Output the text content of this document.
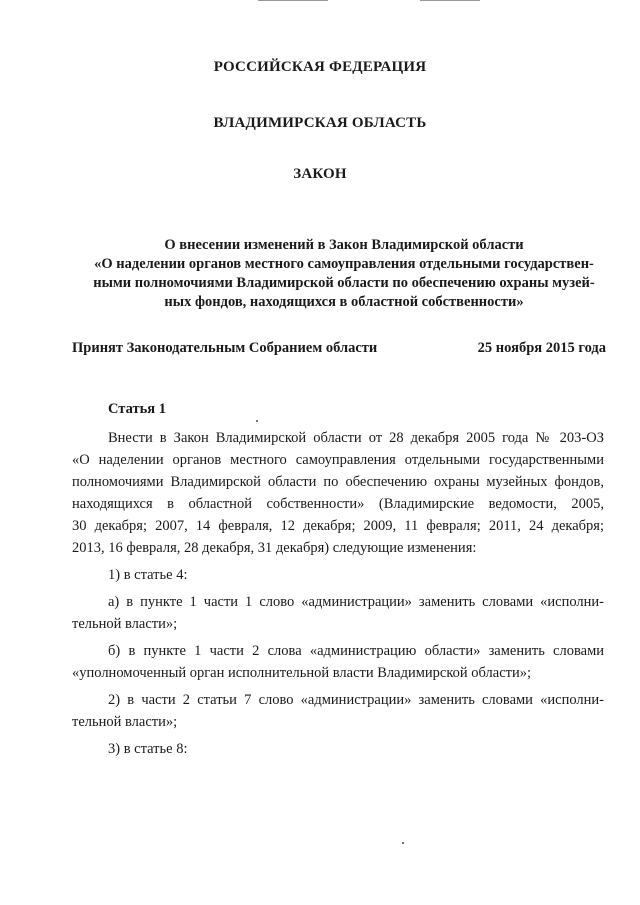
РОССИЙСКАЯ ФЕДЕРАЦИЯ
ВЛАДИМИРСКАЯ ОБЛАСТЬ
ЗАКОН
О внесении изменений в Закон Владимирской области
«О наделении органов местного самоуправления отдельными государствен-
ными полномочиями Владимирской области по обеспечению охраны музей-
ных фондов, находящихся в областной собственности»
Принят Законодательным Собранием области	25 ноября 2015 года
Статья 1
Внести в Закон Владимирской области от 28 декабря 2005 года № 203-ОЗ
«О наделении органов местного самоуправления отдельными государственными
полномочиями Владимирской области по обеспечению охраны музейных фондов,
находящихся в областной собственности» (Владимирские ведомости, 2005,
30 декабря; 2007, 14 февраля, 12 декабря; 2009, 11 февраля; 2011, 24 декабря;
2013, 16 февраля, 28 декабря, 31 декабря) следующие изменения:
1) в статье 4:
а) в пункте 1 части 1 слово «администрации» заменить словами «исполни-
тельной власти»;
б) в пункте 1 части 2 слова «администрацию области» заменить словами
«уполномоченный орган исполнительной власти Владимирской области»;
2) в части 2 статьи 7 слово «администрации» заменить словами «исполни-
тельной власти»;
3) в статье 8:
